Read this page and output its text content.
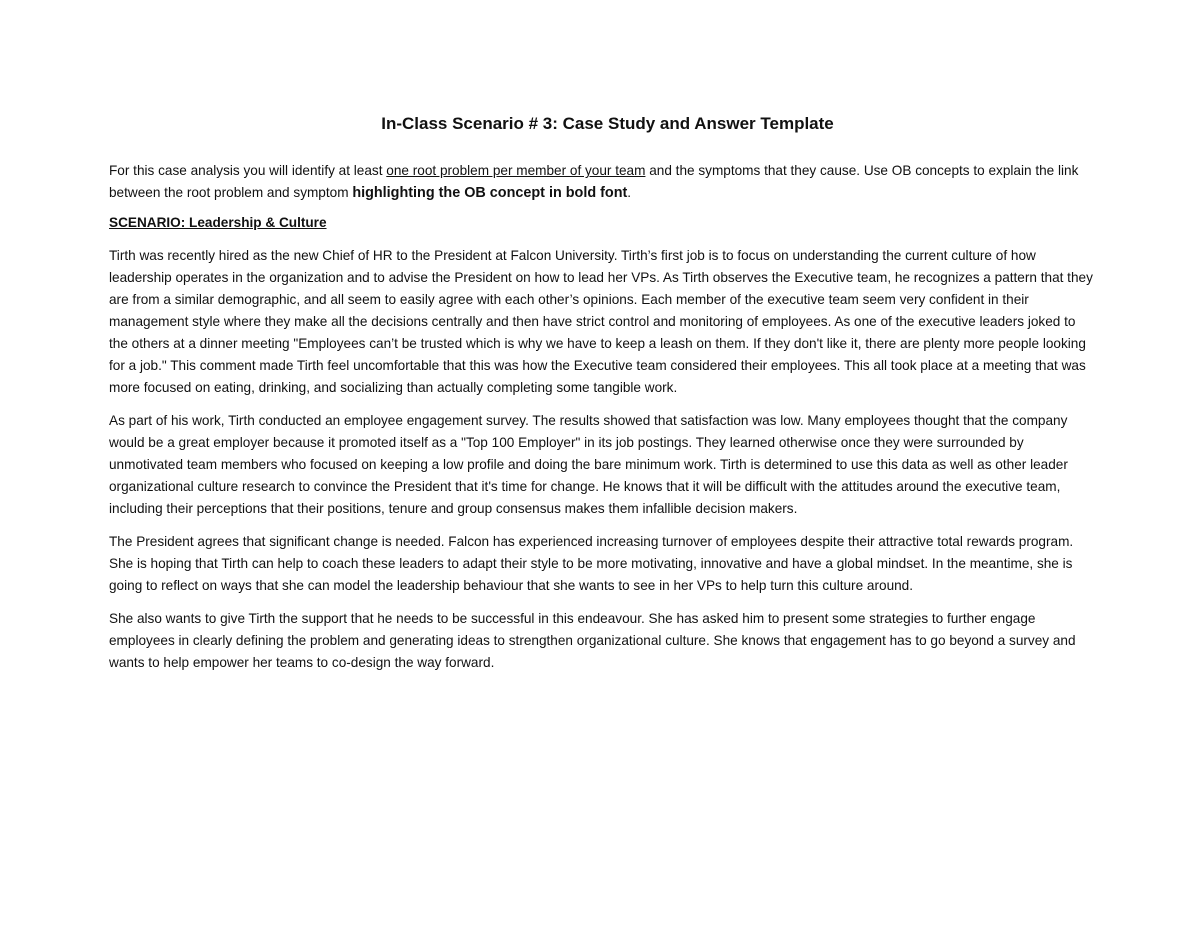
In-Class Scenario # 3: Case Study and Answer Template

For this case analysis you will identify at least one root problem per member of your team and the symptoms that they cause. Use OB concepts to explain the link between the root problem and symptom highlighting the OB concept in bold font.

SCENARIO: Leadership & Culture

Tirth was recently hired as the new Chief of HR to the President at Falcon University. Tirth’s first job is to focus on understanding the current culture of how leadership operates in the organization and to advise the President on how to lead her VPs. As Tirth observes the Executive team, he recognizes a pattern that they are from a similar demographic, and all seem to easily agree with each other’s opinions. Each member of the executive team seem very confident in their management style where they make all the decisions centrally and then have strict control and monitoring of employees. As one of the executive leaders joked to the others at a dinner meeting "Employees can’t be trusted which is why we have to keep a leash on them. If they don't like it, there are plenty more people looking for a job." This comment made Tirth feel uncomfortable that this was how the Executive team considered their employees. This all took place at a meeting that was more focused on eating, drinking, and socializing than actually completing some tangible work.

As part of his work, Tirth conducted an employee engagement survey. The results showed that satisfaction was low. Many employees thought that the company would be a great employer because it promoted itself as a "Top 100 Employer" in its job postings. They learned otherwise once they were surrounded by unmotivated team members who focused on keeping a low profile and doing the bare minimum work. Tirth is determined to use this data as well as other leader organizational culture research to convince the President that it's time for change. He knows that it will be difficult with the attitudes around the executive team, including their perceptions that their positions, tenure and group consensus makes them infallible decision makers.

The President agrees that significant change is needed. Falcon has experienced increasing turnover of employees despite their attractive total rewards program. She is hoping that Tirth can help to coach these leaders to adapt their style to be more motivating, innovative and have a global mindset. In the meantime, she is going to reflect on ways that she can model the leadership behaviour that she wants to see in her VPs to help turn this culture around.

She also wants to give Tirth the support that he needs to be successful in this endeavour. She has asked him to present some strategies to further engage employees in clearly defining the problem and generating ideas to strengthen organizational culture. She knows that engagement has to go beyond a survey and wants to help empower her teams to co-design the way forward.
